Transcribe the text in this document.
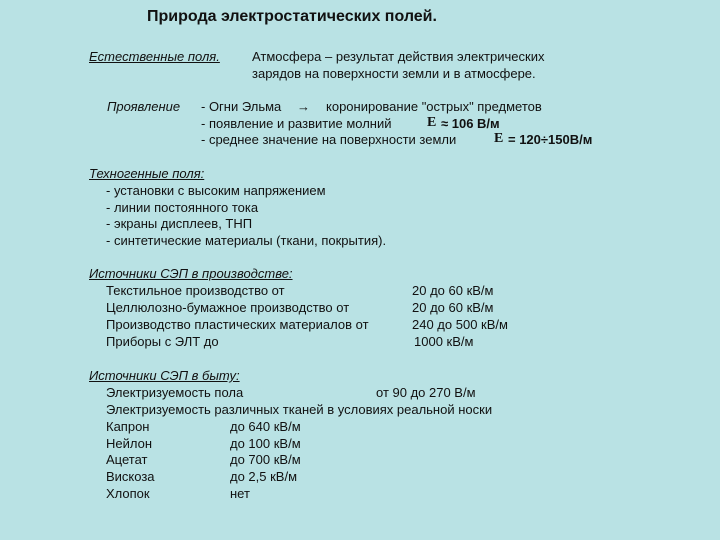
Природа электростатических полей.
Естественные поля. Атмосфера – результат действия электрических
зарядов на поверхности земли и в атмосфере.
Проявление - Огни Эльма → коронирование "острых" предметов
- появление и развитие молний	E ≈ 106 В/м
- среднее значение на поверхности земли	E = 120÷150В/м
Техногенные поля:
- установки с высоким напряжением
- линии постоянного тока
- экраны дисплеев, ТНП
- синтетические материалы (ткани, покрытия).
Источники СЭП в производстве:
Текстильное производство от	20 до 60 кВ/м
Целлюлозно-бумажное производство от	20 до 60 кВ/м
Производство пластических материалов от	240 до 500 кВ/м
Приборы с ЭЛТ до	1000 кВ/м
Источники СЭП в быту:
Электризуемость пола	от 90 до 270 В/м
Электризуемость различных тканей в условиях реальной носки
Капрон	до 640 кВ/м
Нейлон	до 100 кВ/м
Ацетат	до 700 кВ/м
Вискоза	до 2,5 кВ/м
Хлопок	нет
